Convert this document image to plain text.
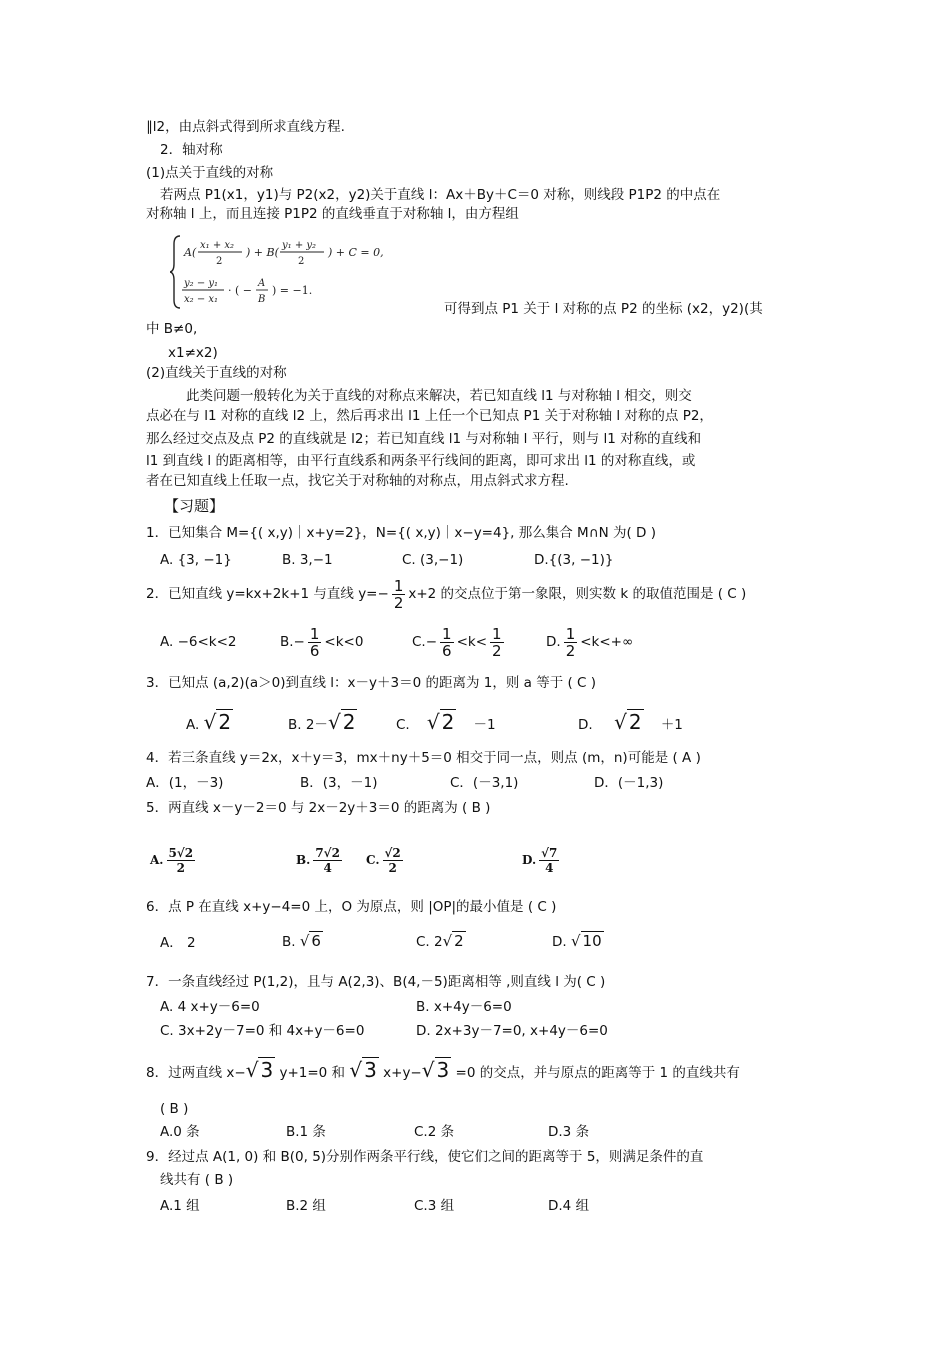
∥l2，由点斜式得到所求直线方程.
2．轴对称
(1)点关于直线的对称
若两点 P1(x1，y1)与 P2(x2，y2)关于直线 l：Ax＋By＋C＝0 对称，则线段 P1P2 的中点在
对称轴 l 上，而且连接 P1P2 的直线垂直于对称轴 l，由方程组
A(
x₁ + x₂
2
) + B(
y₁ + y₂
2
) + C = 0,
y₂ − y₁
x₂ − x₁
· ( −
A
B
) = −1.
可得到点 P1 关于 l 对称的点 P2 的坐标 (x2，y2)(其
中 B≠0,
x1≠x2)
(2)直线关于直线的对称
此类问题一般转化为关于直线的对称点来解决，若已知直线 l1 与对称轴 l 相交，则交
点必在与 l1 对称的直线 l2 上，然后再求出 l1 上任一个已知点 P1 关于对称轴 l 对称的点 P2，
那么经过交点及点 P2 的直线就是 l2；若已知直线 l1 与对称轴 l 平行，则与 l1 对称的直线和
l1 到直线 l 的距离相等，由平行直线系和两条平行线间的距离，即可求出 l1 的对称直线，或
者在已知直线上任取一点，找它关于对称轴的对称点，用点斜式求方程.
【习题】
1．已知集合 M={( x,y)｜x+y=2}，N={( x,y)｜x−y=4}, 那么集合 M∩N 为( D )
A. {3, −1}	B. 3,−1	C. (3,−1)	D.{(3, −1)}
2．已知直线 y=kx+2k+1 与直线 $y=- \frac{1}{2} x+2$ 的交点位于第一象限，则实数 k 的取值范围是 ( C )
A. −6<k<2	$B.- \frac{1}{6} <k<0$	$C.- \frac{1}{6} <k< \frac{1}{2}$	D. $\frac{1}{2} <k<+\infty$
3．已知点 (a,2)(a＞0)到直线 l：x－y＋3＝0 的距离为 1，则 a 等于 ( C )
A. √ 2	B. 2－√ 2	C. √ 2 －1	D. √ 2 ＋1
4．若三条直线 y＝2x，x＋y＝3，mx＋ny＋5＝0 相交于同一点，则点 (m，n)可能是 ( A )
A．(1，－3)	B．(3，－1)	C．(－3,1)	D．(－1,3)
5．两直线 x－y－2＝0 与 2x－2y＋3＝0 的距离为 ( B )
A. $\frac{5√2}{2}$	B. $\frac{7√2}{4} C$. $\frac{√2}{2}$	D. $\frac{√7}{4}$
6．点 P 在直线 x+y−4=0 上，O 为原点，则 |OP|的最小值是 ( C )
A． 2	B. √ 6	C. 2√ 2	D. √ 10
7．一条直线经过 P(1,2)，且与 A(2,3)、B(4,－5)距离相等 ,则直线 l 为( C )
A. 4 x+y－6=0	B. x+4y－6=0
C. 3x+2y－7=0 和 4x+y－6=0	D. 2x+3y－7=0, x+4y－6=0
8．过两直线 x−√ 3 y+1=0 和 √ 3 x+y−√ 3 =0 的交点，并与原点的距离等于 1 的直线共有
( B )
A.0 条	B.1 条	C.2 条	D.3 条
9．经过点 A(1, 0) 和 B(0, 5)分别作两条平行线，使它们之间的距离等于 5，则满足条件的直
线共有 ( B )
A.1 组	B.2 组	C.3 组	D.4 组
